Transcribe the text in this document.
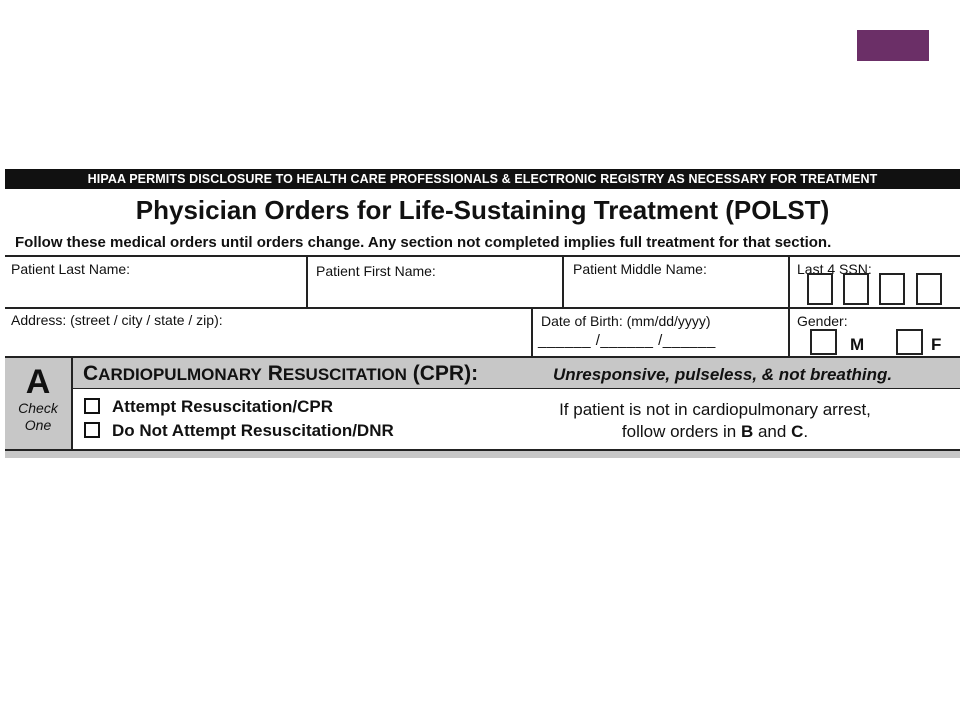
HIPAA PERMITS DISCLOSURE TO HEALTH CARE PROFESSIONALS & ELECTRONIC REGISTRY AS NECESSARY FOR TREATMENT
Physician Orders for Life-Sustaining Treatment (POLST)
Follow these medical orders until orders change. Any section not completed implies full treatment for that section.
Patient Last Name:	Patient First Name:	Patient Middle Name:	Last 4 SSN:
Address: (street / city / state / zip):	Date of Birth: (mm/dd/yyyy)
______ /______ /______
Gender:
M	F
A
Check
One
CARDIOPULMONARY RESUSCITATION (CPR):	Unresponsive, pulseless, & not breathing.
Attempt Resuscitation/CPR
Do Not Attempt Resuscitation/DNR
If patient is not in cardiopulmonary arrest,
follow orders in B and C.
